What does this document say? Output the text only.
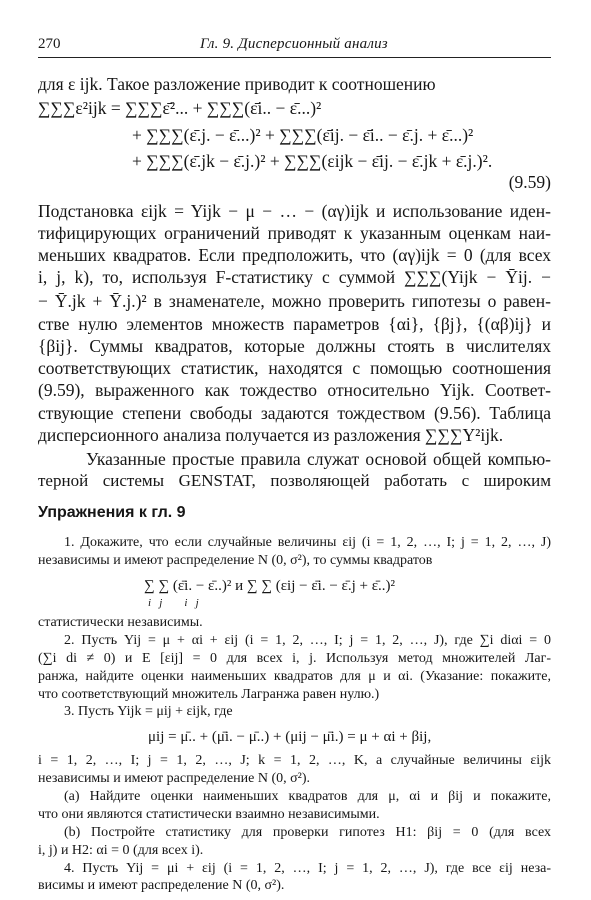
270	Гл. 9. Дисперсионный анализ
для ε ijk. Такое разложение приводит к соотношению
∑∑∑ε²ijk = ∑∑∑ε̄²... + ∑∑∑(ε̄i.. − ε̄...)²
+ ∑∑∑(ε̄.j. − ε̄...)² + ∑∑∑(ε̄ij. − ε̄i.. − ε̄.j. + ε̄...)²
+ ∑∑∑(ε̄.jk − ε̄.j.)² + ∑∑∑(εijk − ε̄ij. − ε̄.jk + ε̄.j.)².
(9.59)
Подстановка εijk = Yijk − μ − … − (αγ)ijk и использование иден-
тифицирующих ограничений приводят к указанным оценкам наи-
меньших квадратов. Если предположить, что (αγ)ijk = 0 (для всех
i, j, k), то, используя F-статистику с суммой ∑∑∑(Yijk − Ȳij. −
− Ȳ.jk + Ȳ.j.)² в знаменателе, можно проверить гипотезы о равен-
стве нулю элементов множеств параметров {αi}, {βj}, {(αβ)ij} и
{βij}. Суммы квадратов, которые должны стоять в числителях
соответствующих статистик, находятся с помощью соотношения
(9.59), выраженного как тождество относительно Yijk. Соответ-
ствующие степени свободы задаются тождеством (9.56). Таблица
дисперсионного анализа получается из разложения ∑∑∑Y²ijk.
Указанные простые правила служат основой общей компью-
терной системы GENSTAT, позволяющей работать с широким
Упражнения к гл. 9
1. Докажите, что если случайные величины εij (i = 1, 2, …, I; j = 1, 2, …, J)
независимы и имеют распределение N (0, σ²), то суммы квадратов
∑ ∑ (ε̄i. − ε̄..)² и ∑ ∑ (εij − ε̄i. − ε̄.j + ε̄..)²
i   j        i   j
статистически независимы.
2. Пусть Yij = μ + αi + εij (i = 1, 2, …, I; j = 1, 2, …, J), где ∑i diαi = 0
(∑i di ≠ 0) и E [εij] = 0 для всех i, j. Используя метод множителей Лаг-
ранжа, найдите оценки наименьших квадратов для μ и αi. (Указание: покажите,
что соответствующий множитель Лагранжа равен нулю.)
3. Пусть Yijk = μij + εijk, где
μij = μ̄.. + (μ̄i. − μ̄..) + (μij − μ̄i.) = μ + αi + βij,
i = 1, 2, …, I; j = 1, 2, …, J; k = 1, 2, …, K, а случайные величины εijk
независимы и имеют распределение N (0, σ²).
(a) Найдите оценки наименьших квадратов для μ, αi и βij и покажите,
что они являются статистически взаимно независимыми.
(b) Постройте статистику для проверки гипотез H1: βij = 0 (для всех
i, j) и H2: αi = 0 (для всех i).
4. Пусть Yij = μi + εij (i = 1, 2, …, I; j = 1, 2, …, J), где все εij неза-
висимы и имеют распределение N (0, σ²).
